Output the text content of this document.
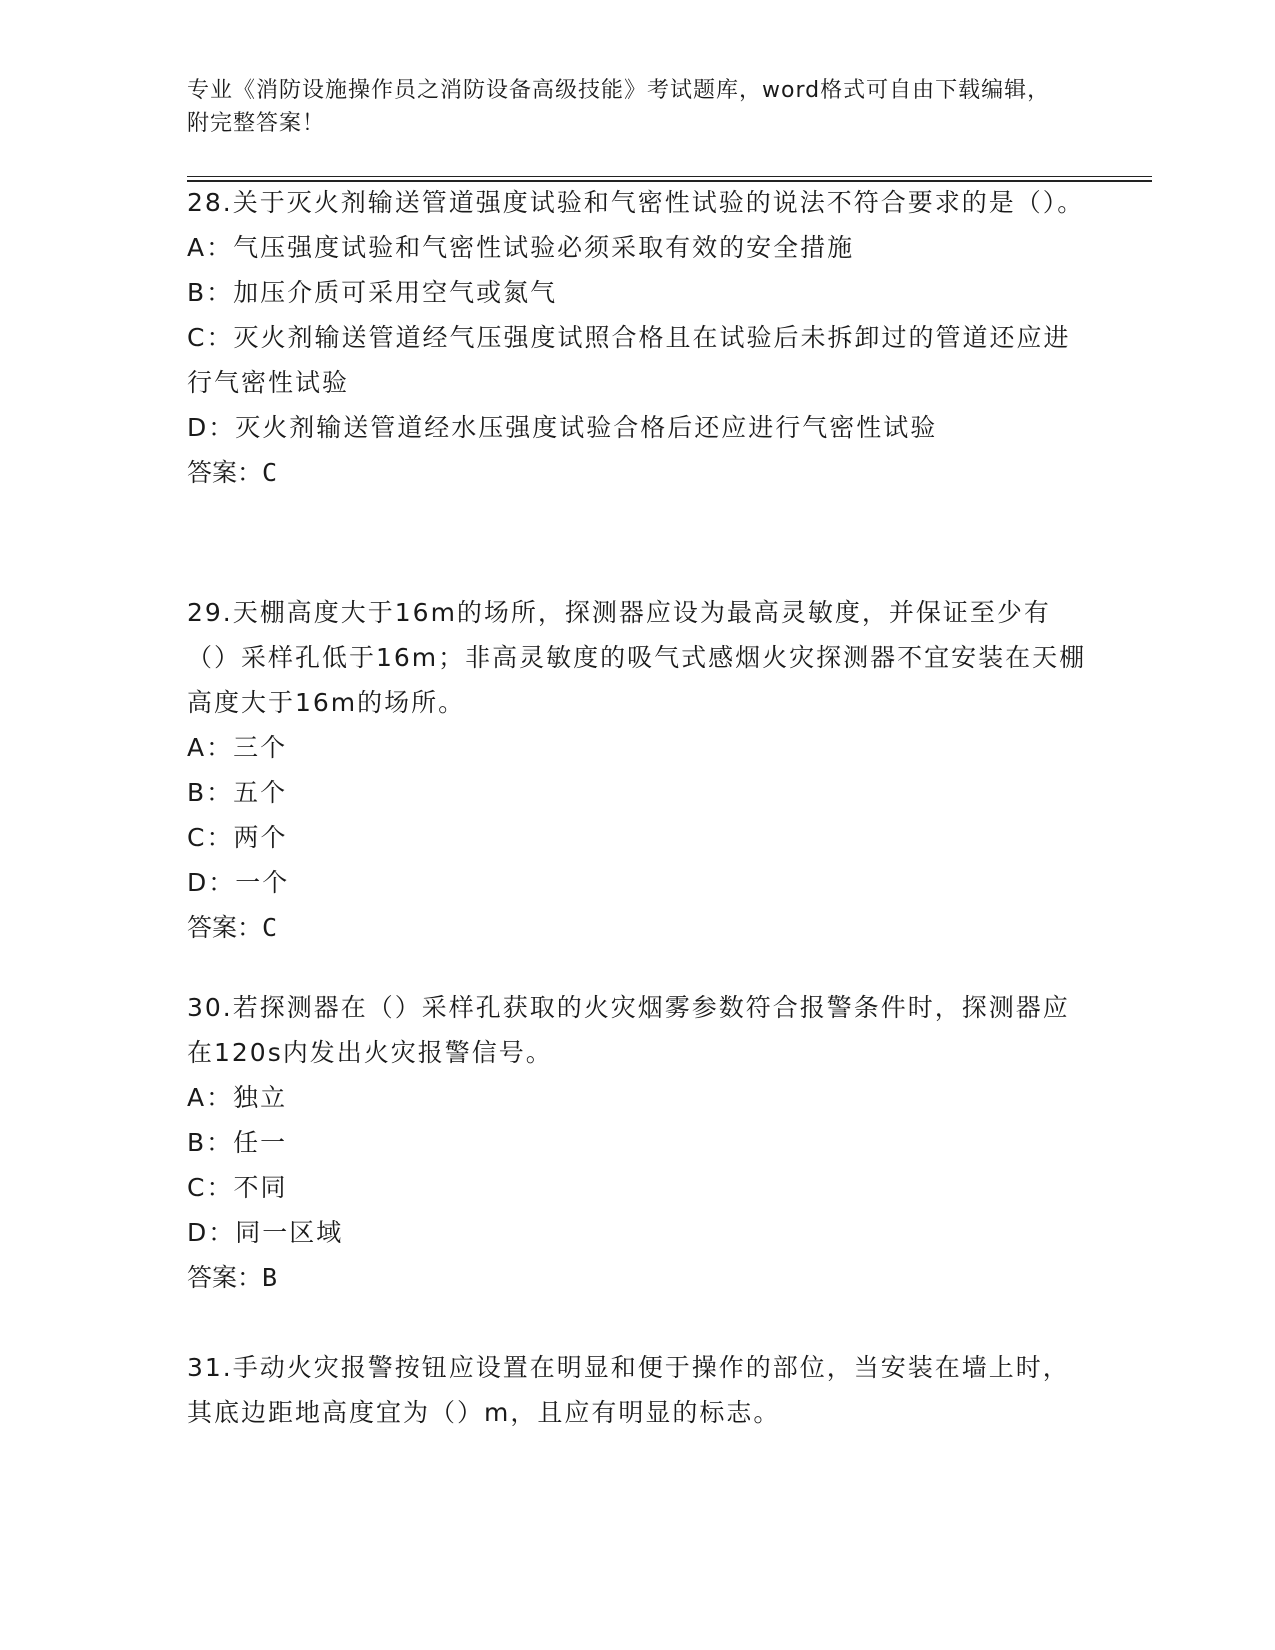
专业《消防设施操作员之消防设备高级技能》考试题库，word格式可自由下载编辑，附完整答案！

28.关于灭火剂输送管道强度试验和气密性试验的说法不符合要求的是（）。

A：气压强度试验和气密性试验必须采取有效的安全措施

B：加压介质可采用空气或氮气

C：灭火剂输送管道经气压强度试照合格且在试验后未拆卸过的管道还应进行气密性试验

D：灭火剂输送管道经水压强度试验合格后还应进行气密性试验

答案：C

29.天棚高度大于16m的场所，探测器应设为最高灵敏度，并保证至少有（）采样孔低于16m；非高灵敏度的吸气式感烟火灾探测器不宜安装在天棚高度大于16m的场所。

A：三个

B：五个

C：两个

D：一个

答案：C

30.若探测器在（）采样孔获取的火灾烟雾参数符合报警条件时，探测器应在120s内发出火灾报警信号。

A：独立

B：任一

C：不同

D：同一区域

答案：B

31.手动火灾报警按钮应设置在明显和便于操作的部位，当安装在墙上时，其底边距地高度宜为（）m，且应有明显的标志。
